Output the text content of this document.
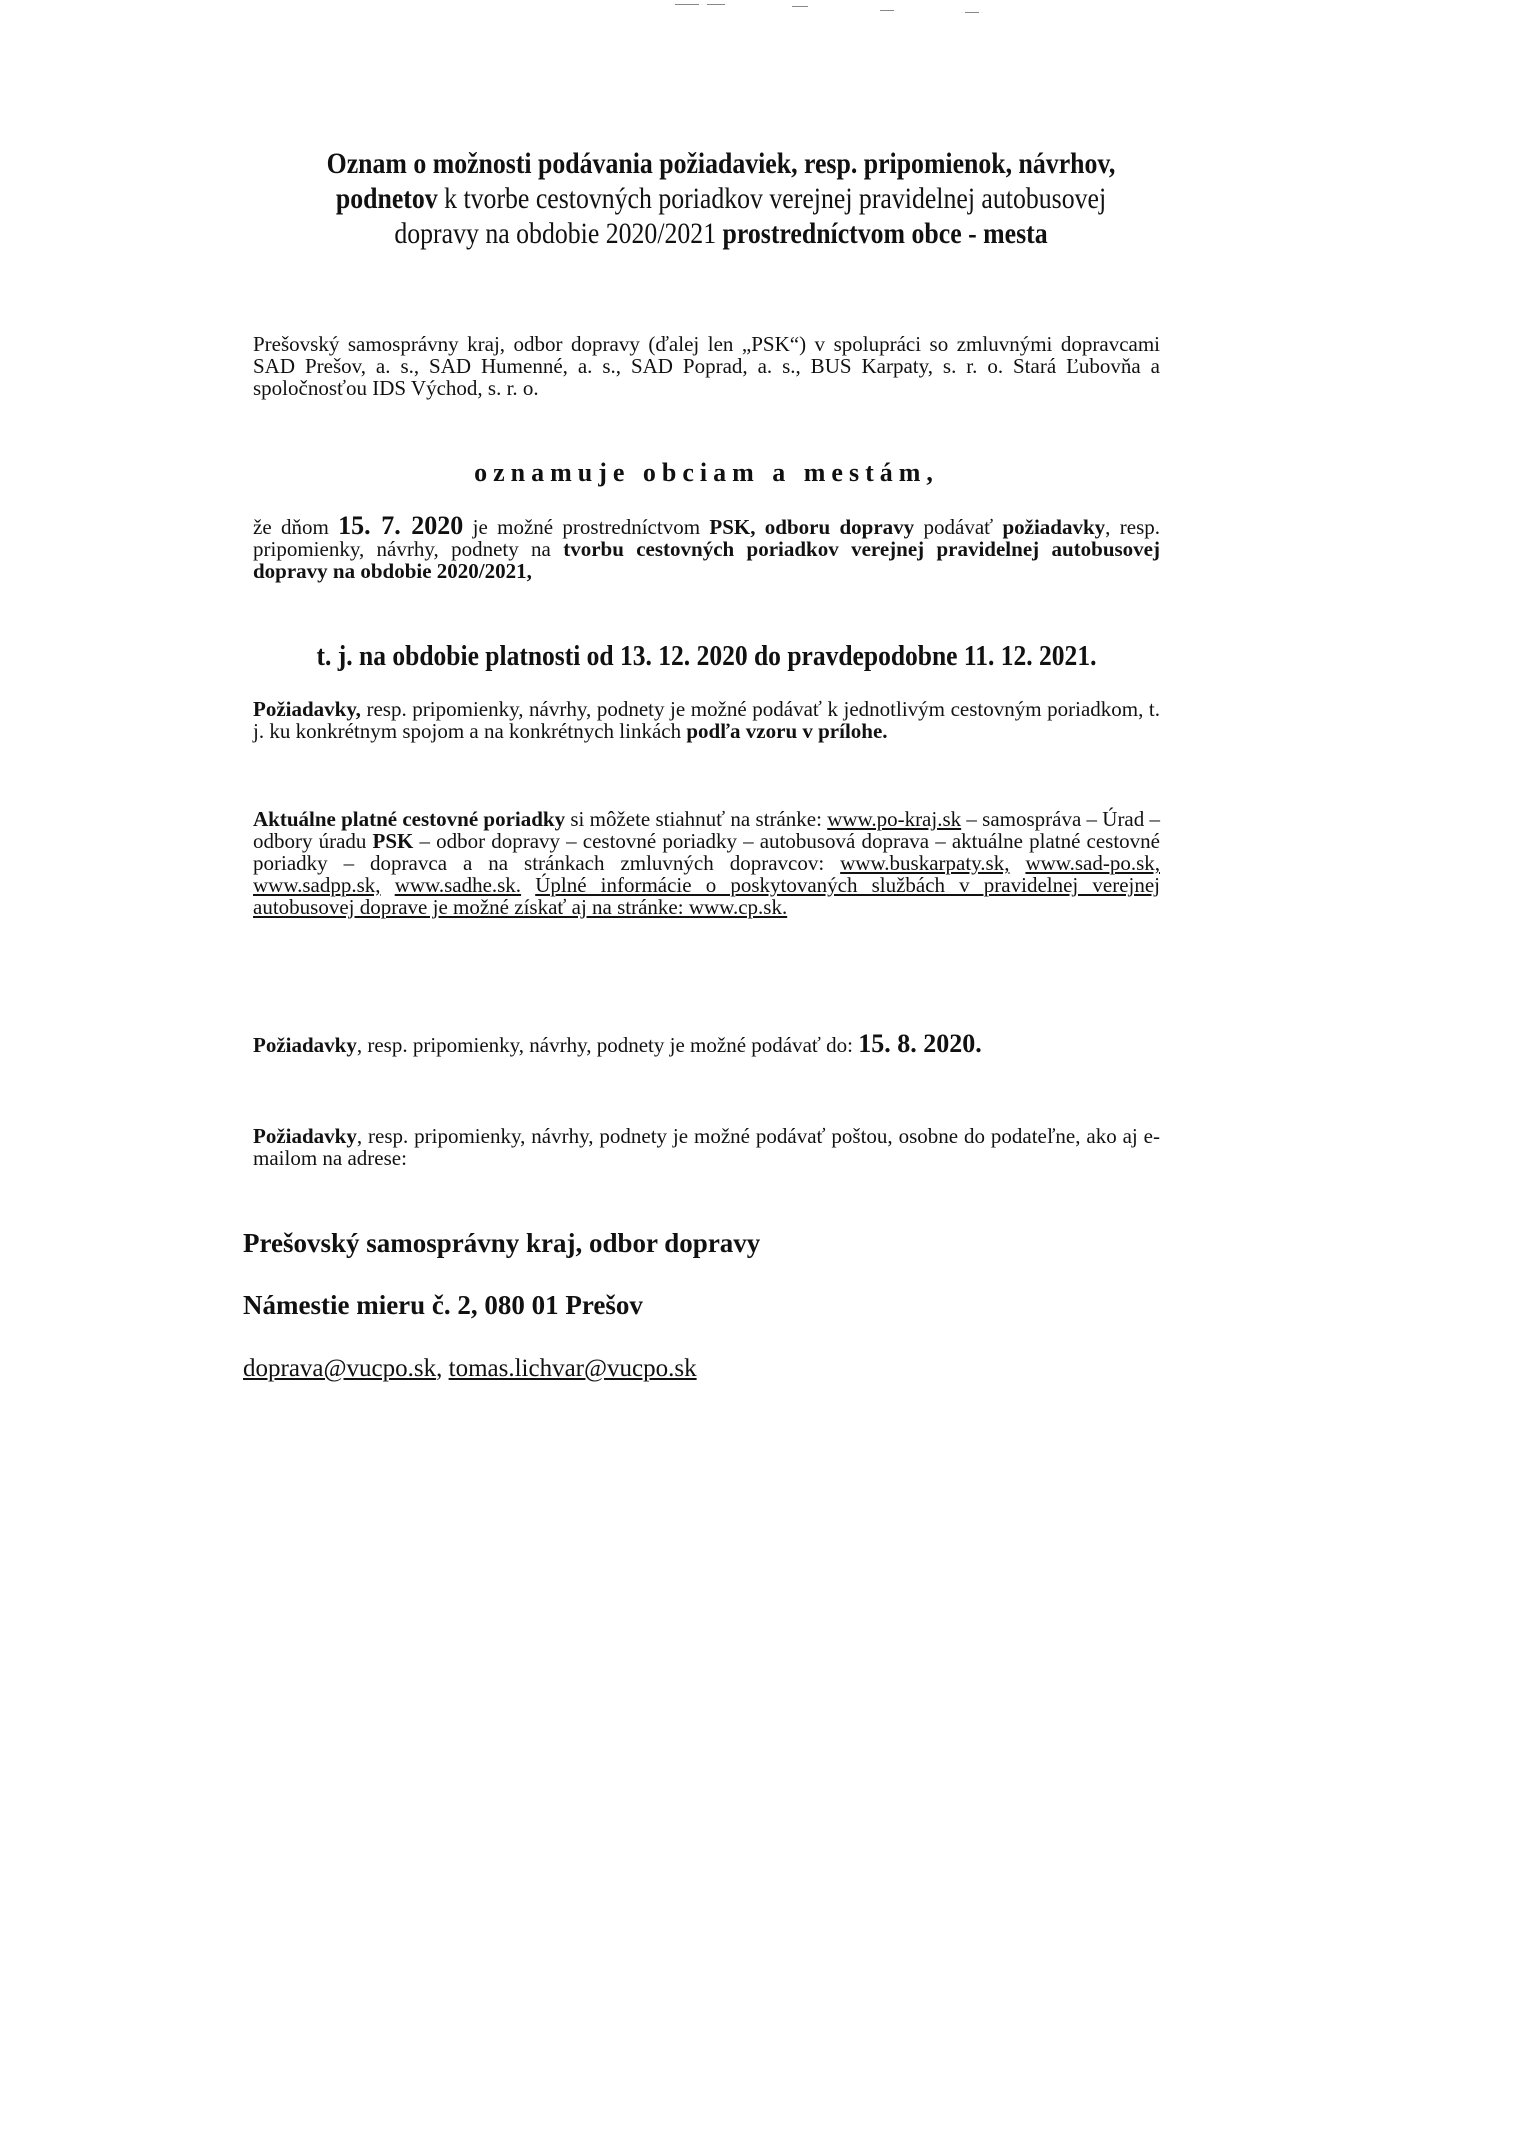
Oznam o možnosti podávania požiadaviek, resp. pripomienok, návrhov,
podnetov k tvorbe cestovných poriadkov verejnej pravidelnej autobusovej
dopravy na obdobie 2020/2021 prostredníctvom obce - mesta
Prešovský samosprávny kraj, odbor dopravy (ďalej len „PSK“) v spolupráci so zmluvnými dopravcami SAD Prešov, a. s., SAD Humenné, a. s., SAD Poprad, a. s., BUS Karpaty, s. r. o. Stará Ľubovňa a spoločnosťou IDS Východ, s. r. o.
oznamuje obciam a mestám,
že dňom 15. 7. 2020 je možné prostredníctvom PSK, odboru dopravy podávať požiadavky, resp. pripomienky, návrhy, podnety na tvorbu cestovných poriadkov verejnej pravidelnej autobusovej dopravy na obdobie 2020/2021,
t. j. na obdobie platnosti od 13. 12. 2020 do pravdepodobne 11. 12. 2021.
Požiadavky, resp. pripomienky, návrhy, podnety je možné podávať k jednotlivým cestovným poriadkom, t. j. ku konkrétnym spojom a na konkrétnych linkách podľa vzoru v prílohe.
Aktuálne platné cestovné poriadky si môžete stiahnuť na stránke: www.po-kraj.sk – samospráva – Úrad – odbory úradu PSK – odbor dopravy – cestovné poriadky – autobusová doprava – aktuálne platné cestovné poriadky – dopravca a na stránkach zmluvných dopravcov: www.buskarpaty.sk, www.sad-po.sk, www.sadpp.sk, www.sadhe.sk. Úplné informácie o poskytovaných službách v pravidelnej verejnej autobusovej doprave je možné získať aj na stránke: www.cp.sk.
Požiadavky, resp. pripomienky, návrhy, podnety je možné podávať do: 15. 8. 2020.
Požiadavky, resp. pripomienky, návrhy, podnety je možné podávať poštou, osobne do podateľne, ako aj e-mailom na adrese:
Prešovský samosprávny kraj, odbor dopravy
Námestie mieru č. 2, 080 01 Prešov
doprava@vucpo.sk, tomas.lichvar@vucpo.sk
